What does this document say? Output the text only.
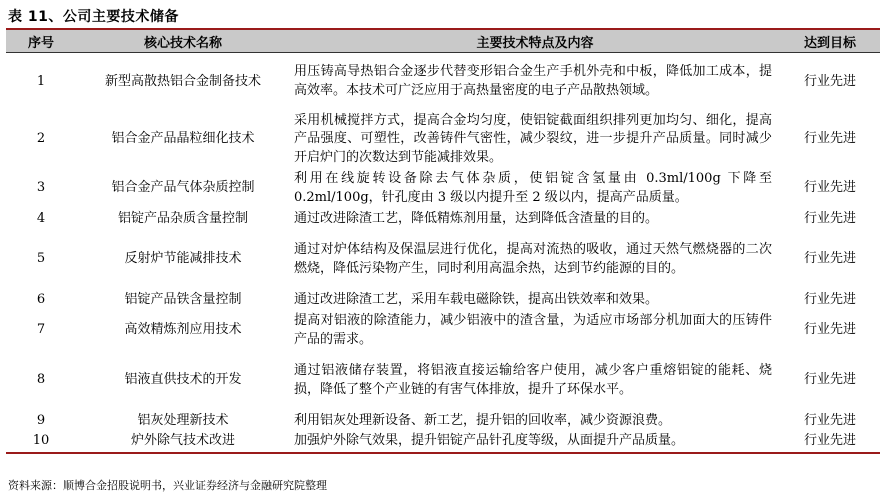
表 11、公司主要技术储备
序号	核心技术名称	主要技术特点及内容	达到目标
1	新型高散热铝合金制备技术	用压铸高导热铝合金逐步代替变形铝合金生产手机外壳和中板，降低加工成本，提高效率。本技术可广泛应用于高热量密度的电子产品散热领域。	行业先进
2	铝合金产品晶粒细化技术	采用机械搅拌方式，提高合金均匀度，使铝锭截面组织排列更加均匀、细化，提高产品强度、可塑性，改善铸件气密性，减少裂纹，进一步提升产品质量。同时减少开启炉门的次数达到节能减排效果。	行业先进
3	铝合金产品气体杂质控制	利用在线旋转设备除去气体杂质，使铝锭含氢量由 0.3ml/100g 下降至 0.2ml/100g，针孔度由 3 级以内提升至 2 级以内，提高产品质量。	行业先进
4	铝锭产品杂质含量控制	通过改进除渣工艺，降低精炼剂用量，达到降低含渣量的目的。	行业先进
5	反射炉节能减排技术	通过对炉体结构及保温层进行优化，提高对流热的吸收，通过天然气燃烧器的二次燃烧，降低污染物产生，同时利用高温余热，达到节约能源的目的。	行业先进
6	铝锭产品铁含量控制	通过改进除渣工艺，采用车载电磁除铁，提高出铁效率和效果。	行业先进
7	高效精炼剂应用技术	提高对铝液的除渣能力，减少铝液中的渣含量，为适应市场部分机加面大的压铸件产品的需求。	行业先进
8	铝液直供技术的开发	通过铝液储存装置，将铝液直接运输给客户使用，减少客户重熔铝锭的能耗、烧损，降低了整个产业链的有害气体排放，提升了环保水平。	行业先进
9	铝灰处理新技术	利用铝灰处理新设备、新工艺，提升铝的回收率，减少资源浪费。	行业先进
10	炉外除气技术改进	加强炉外除气效果，提升铝锭产品针孔度等级，从面提升产品质量。	行业先进
资料来源：顺博合金招股说明书，兴业证券经济与金融研究院整理
